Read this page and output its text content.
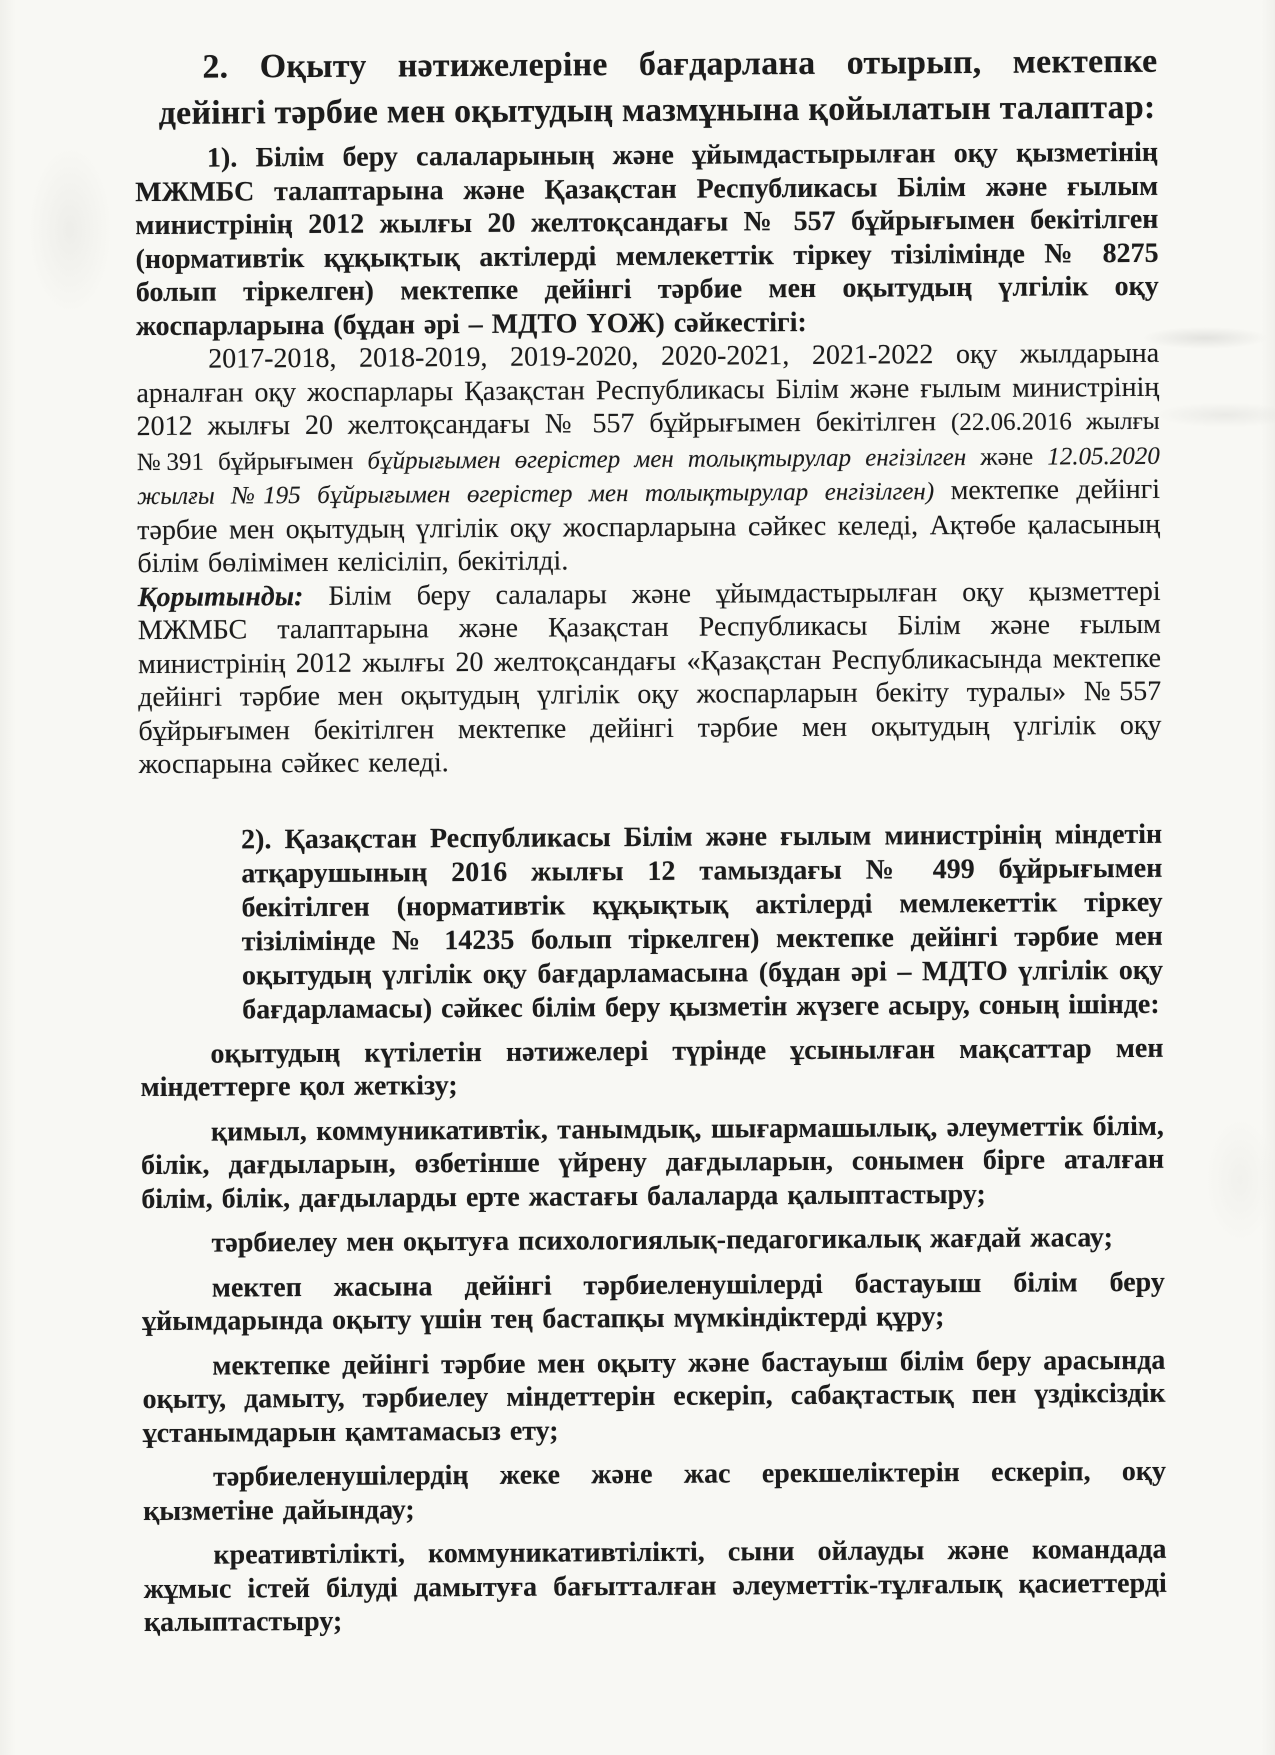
2. Оқыту нәтижелеріне бағдарлана отырып, мектепке дейінгі тәрбие мен оқытудың мазмұнына қойылатын талаптар:

1). Білім беру салаларының және ұйымдастырылған оқу қызметінің МЖМБС талаптарына және Қазақстан Республикасы Білім және ғылым министрінің 2012 жылғы 20 желтоқсандағы № 557 бұйрығымен бекітілген (нормативтік құқықтық актілерді мемлекеттік тіркеу тізілімінде № 8275 болып тіркелген) мектепке дейінгі тәрбие мен оқытудың үлгілік оқу жоспарларына (бұдан әрі – МДТО ҮОЖ) сәйкестігі:

2017-2018, 2018-2019, 2019-2020, 2020-2021, 2021-2022 оқу жылдарына арналған оқу жоспарлары Қазақстан Республикасы Білім және ғылым министрінің 2012 жылғы 20 желтоқсандағы № 557 бұйрығымен бекітілген (22.06.2016 жылғы №391 бұйрығымен бұйрығымен өгерістер мен толықтырулар енгізілген және 12.05.2020 жылғы №195 бұйрығымен өгерістер мен толықтырулар енгізілген) мектепке дейінгі тәрбие мен оқытудың үлгілік оқу жоспарларына сәйкес келеді, Ақтөбе қаласының білім бөлімімен келісіліп, бекітілді.

Қорытынды: Білім беру салалары және ұйымдастырылған оқу қызметтері МЖМБС талаптарына және Қазақстан Республикасы Білім және ғылым министрінің 2012 жылғы 20 желтоқсандағы «Қазақстан Республикасында мектепке дейінгі тәрбие мен оқытудың үлгілік оқу жоспарларын бекіту туралы» №557 бұйрығымен бекітілген мектепке дейінгі тәрбие мен оқытудың үлгілік оқу жоспарына сәйкес келеді.

2). Қазақстан Республикасы Білім және ғылым министрінің міндетін атқарушының 2016 жылғы 12 тамыздағы № 499 бұйрығымен бекітілген (нормативтік құқықтық актілерді мемлекеттік тіркеу тізілімінде № 14235 болып тіркелген) мектепке дейінгі тәрбие мен оқытудың үлгілік оқу бағдарламасына (бұдан әрі – МДТО үлгілік оқу бағдарламасы) сәйкес білім беру қызметін жүзеге асыру, соның ішінде:

оқытудың күтілетін нәтижелері түрінде ұсынылған мақсаттар мен міндеттерге қол жеткізу;

қимыл, коммуникативтік, танымдық, шығармашылық, әлеуметтік білім, білік, дағдыларын, өзбетінше үйрену дағдыларын, сонымен бірге аталған білім, білік, дағдыларды ерте жастағы балаларда қалыптастыру;

тәрбиелеу мен оқытуға психологиялық-педагогикалық жағдай жасау;

мектеп жасына дейінгі тәрбиеленушілерді бастауыш білім беру ұйымдарында оқыту үшін тең бастапқы мүмкіндіктерді құру;

мектепке дейінгі тәрбие мен оқыту және бастауыш білім беру арасында оқыту, дамыту, тәрбиелеу міндеттерін ескеріп, сабақтастық пен үздіксіздік ұстанымдарын қамтамасыз ету;

тәрбиеленушілердің жеке және жас ерекшеліктерін ескеріп, оқу қызметіне дайындау;

креативтілікті, коммуникативтілікті, сыни ойлауды және командада жұмыс істей білуді дамытуға бағытталған әлеуметтік-тұлғалық қасиеттерді қалыптастыру;
